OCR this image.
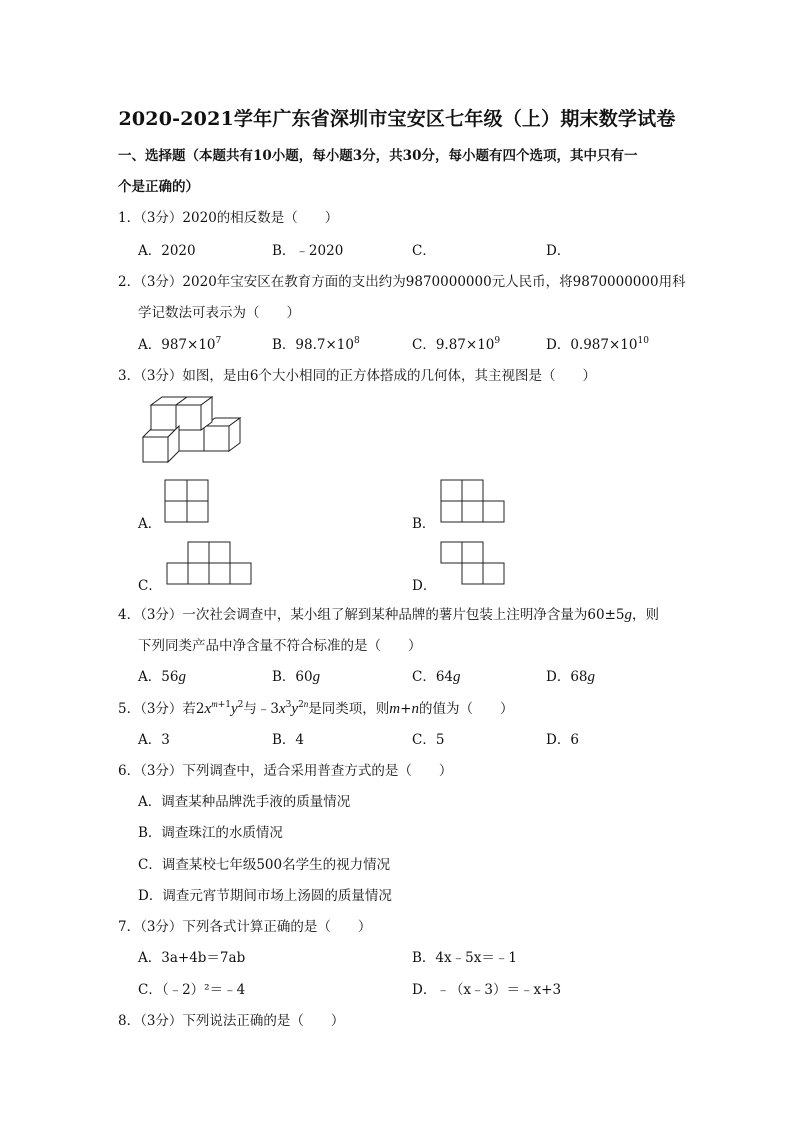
2020-2021学年广东省深圳市宝安区七年级（上）期末数学试卷
一、选择题（本题共有10小题，每小题3分，共30分，每小题有四个选项，其中只有一
个是正确的）
1．（3分）2020的相反数是（　　）
A．2020	B．﹣2020	C．	D．
2．（3分）2020年宝安区在教育方面的支出约为9870000000元人民币，将9870000000用科
学记数法可表示为（　　）
A．$987\times 10^7$	B．$98.7\times 10^8$	C．$9.87\times 10^9$	D．$0.987\times 10^{10}$
3．（3分）如图，是由6个大小相同的正方体搭成的几何体，其主视图是（　　）
A．	B．
C．	D．
4．（3分）一次社会调查中，某小组了解到某种品牌的薯片包装上注明净含量为60±5g，则
下列同类产品中净含量不符合标准的是（　　）
A．56g	B．60g	C．64g	D．68g
5．（3分）若$2x^{m+1}y^2$与$﹣3x^3y^{2n}$是同类项，则m+n的值为（　　）
A．3	B．4	C．5	D．6
6．（3分）下列调查中，适合采用普查方式的是（　　）
A．调查某种品牌洗手液的质量情况
B．调查珠江的水质情况
C．调查某校七年级500名学生的视力情况
D．调查元宵节期间市场上汤圆的质量情况
7．（3分）下列各式计算正确的是（　　）
A．3a+4b＝7ab	B．4x﹣5x＝﹣1
C．（﹣2）²＝﹣4	D．﹣（x﹣3）＝﹣x+3
8．（3分）下列说法正确的是（　　）
